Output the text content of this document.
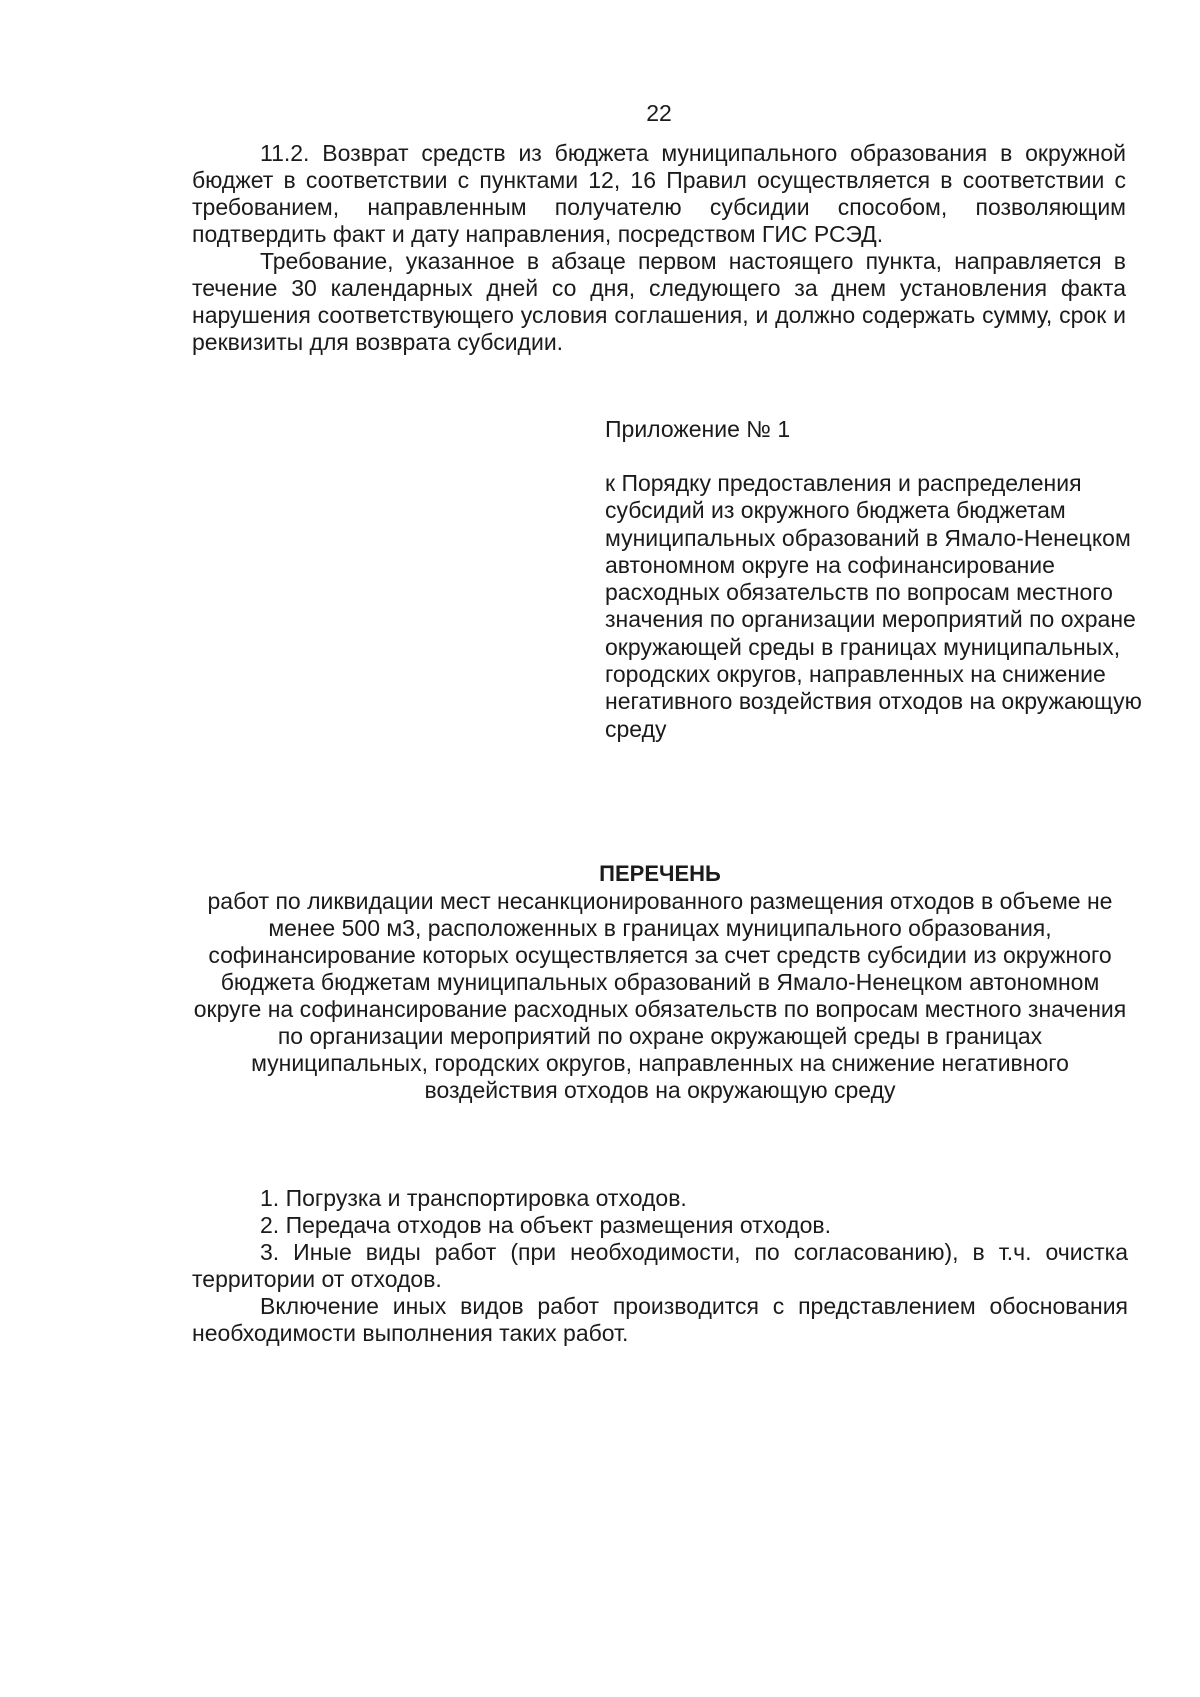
22

11.2. Возврат средств из бюджета муниципального образования в окружной бюджет в соответствии с пунктами 12, 16 Правил осуществляется в соответствии с требованием, направленным получателю субсидии способом, позволяющим подтвердить факт и дату направления, посредством ГИС РСЭД.

Требование, указанное в абзаце первом настоящего пункта, направляется в течение 30 календарных дней со дня, следующего за днем установления факта нарушения соответствующего условия соглашения, и должно содержать сумму, срок и реквизиты для возврата субсидии.

Приложение № 1

к Порядку предоставления и распределения субсидий из окружного бюджета бюджетам муниципальных образований в Ямало-Ненецком автономном округе на софинансирование расходных обязательств по вопросам местного значения по организации мероприятий по охране окружающей среды в границах муниципальных, городских округов, направленных на снижение негативного воздействия отходов на окружающую среду

ПЕРЕЧЕНЬ

работ по ликвидации мест несанкционированного размещения отходов в объеме не менее 500 м3, расположенных в границах муниципального образования, софинансирование которых осуществляется за счет средств субсидии из окружного бюджета бюджетам муниципальных образований в Ямало-Ненецком автономном округе на софинансирование расходных обязательств по вопросам местного значения по организации мероприятий по охране окружающей среды в границах муниципальных, городских округов, направленных на снижение негативного воздействия отходов на окружающую среду

1. Погрузка и транспортировка отходов.

2. Передача отходов на объект размещения отходов.

3. Иные виды работ (при необходимости, по согласованию), в т.ч. очистка территории от отходов.

Включение иных видов работ производится с представлением обоснования необходимости выполнения таких работ.
